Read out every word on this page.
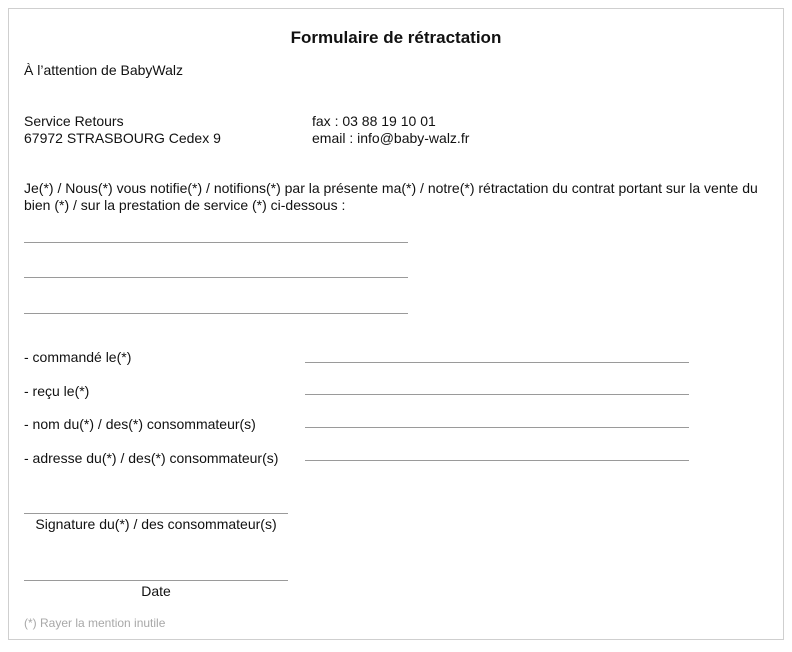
Formulaire de rétractation
À l’attention de BabyWalz
Service Retours
67972 STRASBOURG Cedex 9
fax : 03 88 19 10 01
email : info@baby-walz.fr
Je(*) / Nous(*) vous notifie(*) / notifions(*) par la présente ma(*) / notre(*) rétractation du contrat portant sur la vente du bien (*) / sur la prestation de service (*) ci-dessous :
- commandé le(*)
- reçu le(*)
- nom du(*) / des(*) consommateur(s)
- adresse du(*) / des(*) consommateur(s)
Signature du(*) / des consommateur(s)
Date
(*) Rayer la mention inutile
